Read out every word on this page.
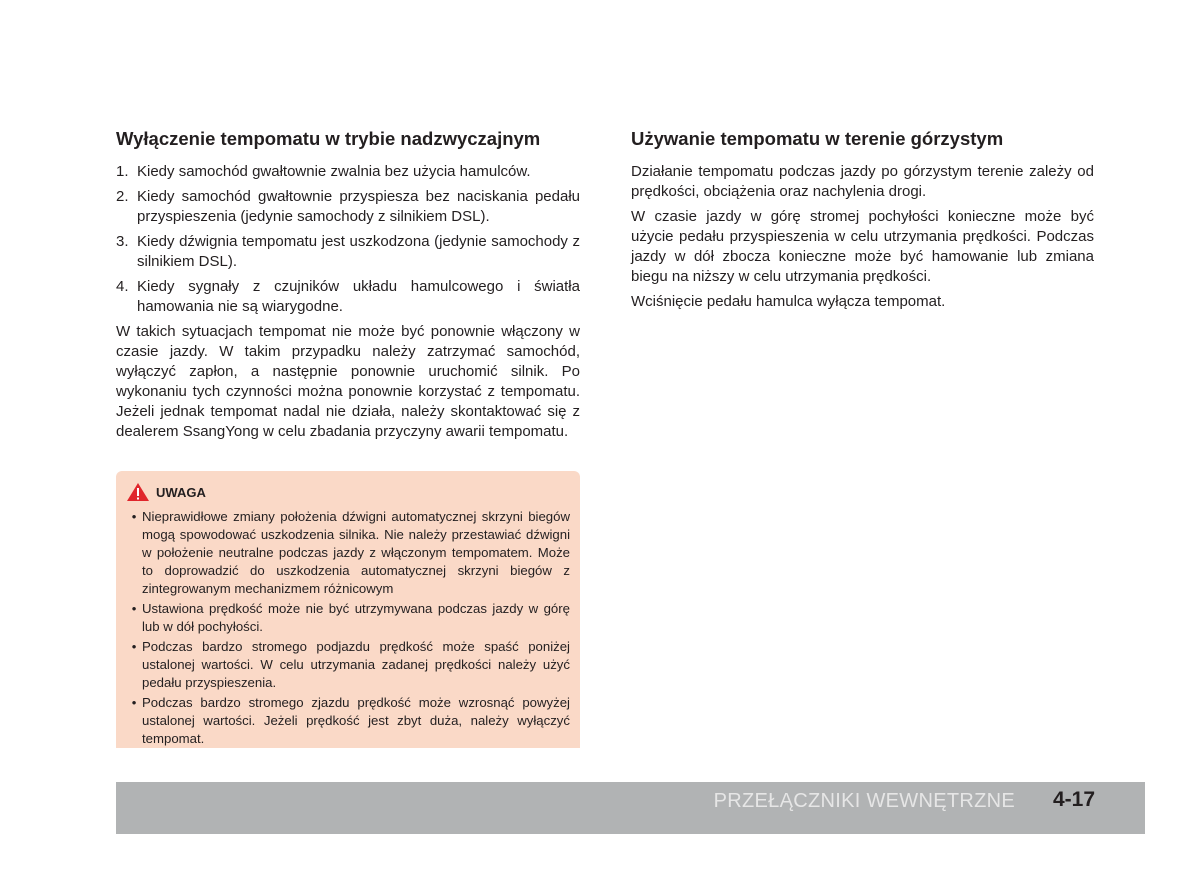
Wyłączenie tempomatu w trybie nadzwyczajnym
1. Kiedy samochód gwałtownie zwalnia bez użycia hamulców.
2. Kiedy samochód gwałtownie przyspiesza bez naciskania pedału przyspieszenia (jedynie samochody z silnikiem DSL).
3. Kiedy dźwignia tempomatu jest uszkodzona (jedynie samochody z silnikiem DSL).
4. Kiedy sygnały z czujników układu hamulcowego i światła hamowania nie są wiarygodne.

W takich sytuacjach tempomat nie może być ponownie włączony w czasie jazdy. W takim przypadku należy zatrzymać samochód, wyłączyć zapłon, a następnie ponownie uruchomić silnik. Po wykonaniu tych czynności można ponownie korzystać z tempomatu. Jeżeli jednak tempomat nadal nie działa, należy skontaktować się z dealerem SsangYong w celu zbadania przyczyny awarii tempomatu.

UWAGA
• Nieprawidłowe zmiany położenia dźwigni automatycznej skrzyni biegów mogą spowodować uszkodzenia silnika. Nie należy przestawiać dźwigni w położenie neutralne podczas jazdy z włączonym tempomatem. Może to doprowadzić do uszkodzenia automatycznej skrzyni biegów z zintegrowanym mechanizmem różnicowym
• Ustawiona prędkość może nie być utrzymywana podczas jazdy w górę lub w dół pochyłości.
• Podczas bardzo stromego podjazdu prędkość może spaść poniżej ustalonej wartości. W celu utrzymania zadanej prędkości należy użyć pedału przyspieszenia.
• Podczas bardzo stromego zjazdu prędkość może wzrosnąć powyżej ustalonej wartości. Jeżeli prędkość jest zbyt duża, należy wyłączyć tempomat.
Używanie tempomatu w terenie górzystym

Działanie tempomatu podczas jazdy po górzystym terenie zależy od prędkości, obciążenia oraz nachylenia drogi.

W czasie jazdy w górę stromej pochyłości konieczne może być użycie pedału przyspieszenia w celu utrzymania prędkości. Podczas jazdy w dół zbocza konieczne może być hamowanie lub zmiana biegu na niższy w celu utrzymania prędkości.

Wciśnięcie pedału hamulca wyłącza tempomat.

PRZEŁĄCZNIKI WEWNĘTRZNE 4-17
